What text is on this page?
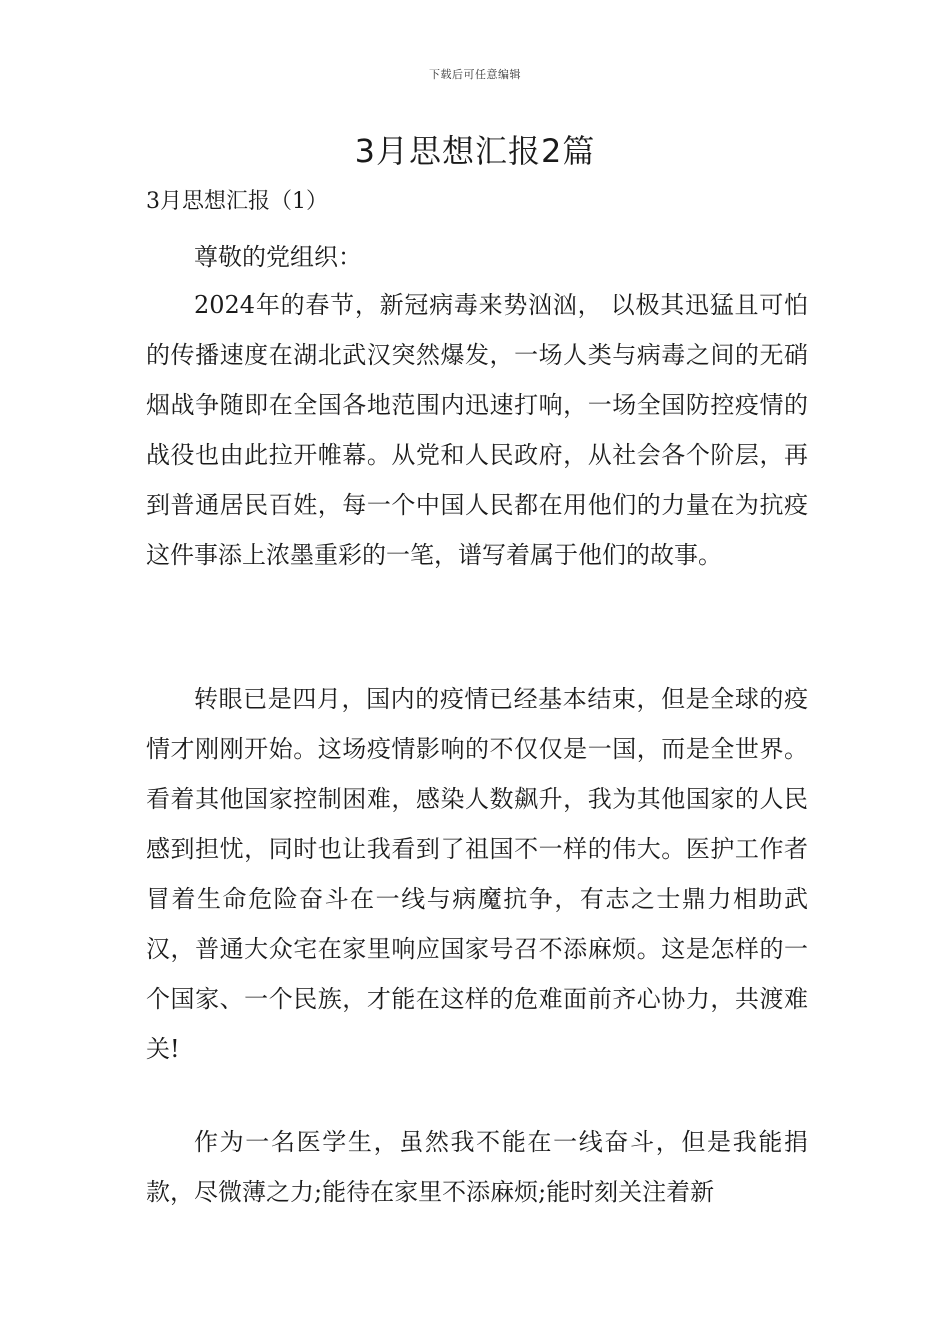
下载后可任意编辑
3月思想汇报2篇

3月思想汇报（1）

尊敬的党组织：

2024年的春节，新冠病毒来势汹汹， 以极其迅猛且可怕的传播速度在湖北武汉突然爆发，一场人类与病毒之间的无硝烟战争随即在全国各地范围内迅速打响，一场全国防控疫情的战役也由此拉开帷幕。从党和人民政府，从社会各个阶层，再到普通居民百姓，每一个中国人民都在用他们的力量在为抗疫这件事添上浓墨重彩的一笔，谱写着属于他们的故事。

转眼已是四月，国内的疫情已经基本结束，但是全球的疫情才刚刚开始。这场疫情影响的不仅仅是一国，而是全世界。看着其他国家控制困难，感染人数飙升，我为其他国家的人民感到担忧，同时也让我看到了祖国不一样的伟大。医护工作者冒着生命危险奋斗在一线与病魔抗争，有志之士鼎力相助武汉，普通大众宅在家里响应国家号召不添麻烦。这是怎样的一个国家、一个民族，才能在这样的危难面前齐心协力，共渡难关!

作为一名医学生，虽然我不能在一线奋斗，但是我能捐款，尽微薄之力;能待在家里不添麻烦;能时刻关注着新
